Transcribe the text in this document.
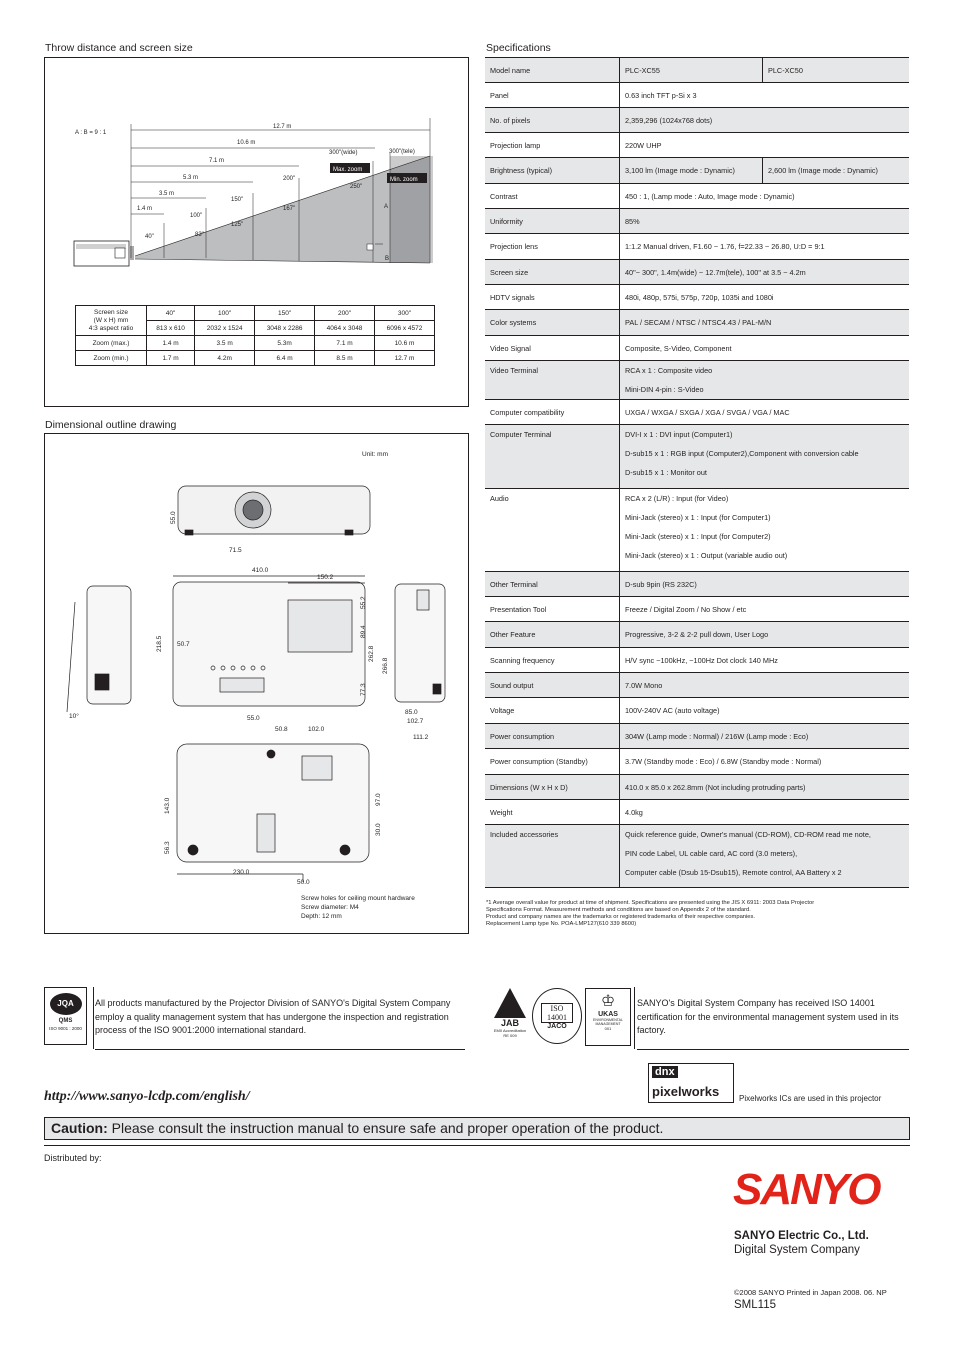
Throw distance and screen size
A : B = 9 : 1
12.7 m
10.6 m
7.1 m
5.3 m
3.5 m
1.4 m
40"	83"
100"
125"
150"
167"
200"
250"
300"(wide)	300"(tele)
Max. zoom
Min. zoom
A
B
Screen size
(W x H) mm
4:3 aspect ratio	40"	100"	150"	200"	300"
	813 x 610	2032 x 1524	3048 x 2286	4064 x 3048	6096 x 4572
Zoom (max.)	1.4 m	3.5 m	5.3m	7.1 m	10.6 m
Zoom (min.)	1.7 m	4.2m	6.4 m	8.5 m	12.7 m
Dimensional outline drawing
Unit: mm
55.0
71.5
410.0
150.2
218.5 50.7
89.4
262.8
266.8
77.3
55.2
55.0
50.8	102.0
10°
85.0
102.7
111.2
143.0
56.3
230.0
50.0
97.0
30.0
Screw holes for ceiling mount hardware
Screw diameter: M4
Depth: 12 mm
Specifications
Model name	PLC-XC55	PLC-XC50
Panel	0.63 inch TFT p-Si x 3	
No. of pixels	2,359,296 (1024x768 dots)	
Projection lamp	220W UHP	
Brightness (typical)	3,100 lm (Image mode : Dynamic)	2,600 lm (Image mode : Dynamic)
Contrast	450 : 1, (Lamp mode : Auto, Image mode : Dynamic)	
Uniformity	85%	
Projection lens	1:1.2 Manual driven, F1.60 ~ 1.76, f=22.33 ~ 26.80, U:D = 9:1	
Screen size	40"~ 300", 1.4m(wide) ~ 12.7m(tele), 100" at 3.5 ~ 4.2m	
HDTV signals	480i, 480p, 575i, 575p, 720p, 1035i and 1080i	
Color systems	PAL / SECAM / NTSC / NTSC4.43 / PAL-M/N	
Video Signal	Composite, S-Video, Component	
Video Terminal	RCA x 1 : Composite video
Mini-DIN 4-pin : S-Video	

Computer compatibility	UXGA / WXGA / SXGA / XGA / SVGA / VGA / MAC	
Computer Terminal	DVI-I x 1 : DVI input (Computer1)
D-sub15 x 1 : RGB input (Computer2),Component with conversion cable
D-sub15 x 1 : Monitor out	

Audio	RCA x 2 (L/R) : Input (for Video)
Mini-Jack (stereo) x 1 : Input (for Computer1)
Mini-Jack (stereo) x 1 : Input (for Computer2)
Mini-Jack (stereo) x 1 : Output (variable audio out)	

Other Terminal	D-sub 9pin (RS 232C)	
Presentation Tool	Freeze / Digital Zoom / No Show / etc	
Other Feature	Progressive, 3-2 & 2-2 pull down, User Logo	
Scanning frequency	H/V sync ~100kHz, ~100Hz Dot clock 140 MHz	
Sound output	7.0W Mono	
Voltage	100V-240V AC (auto voltage)	
Power consumption	304W (Lamp mode : Normal) / 216W (Lamp mode : Eco)	
Power consumption (Standby)	3.7W (Standby mode : Eco) / 6.8W (Standby mode : Normal)	
Dimensions (W x H x D)	410.0 x 85.0 x 262.8mm (Not including protruding parts)	
Weight	4.0kg	
Included accessories	Quick reference guide, Owner's manual (CD-ROM), CD-ROM read me note,
PIN code Label, UL cable card, AC cord (3.0 meters),
Computer cable (Dsub 15-Dsub15), Remote control, AA Battery x 2	
*1 Average overall value for product at time of shipment. Specifications are presented using the JIS X 6911: 2003 Data Projector
Specifications Format. Measurement methods and conditions are based on Appendix 2 of the standard.
Product and company names are the trademarks or registered trademarks of their respective companies.
Replacement Lamp type No. POA-LMP127(610 339 8600)
JQA
QMS
ISO 9001 : 2000
All products manufactured by the Projector Division of SANYO's Digital System Company employ a quality management system that has undergone the inspection and registration process of the ISO 9001:2000 international standard.
JAB
EM0 Accreditation RE 009
ISO
14001
JACO
♔
UKAS
ENVIRONMENTAL MANAGEMENT
001
SANYO's Digital System Company has received ISO 14001 certification for the environmental management system used in its factory.
http://www.sanyo-lcdp.com/english/
dnx
pixelworks Pixelworks ICs are used in this projector
Caution: Please consult the instruction manual to ensure safe and proper operation of the product.
Distributed by:
SANYO
SANYO Electric Co., Ltd.
Digital System Company
©2008 SANYO Printed in Japan 2008. 06. NP
SML115
